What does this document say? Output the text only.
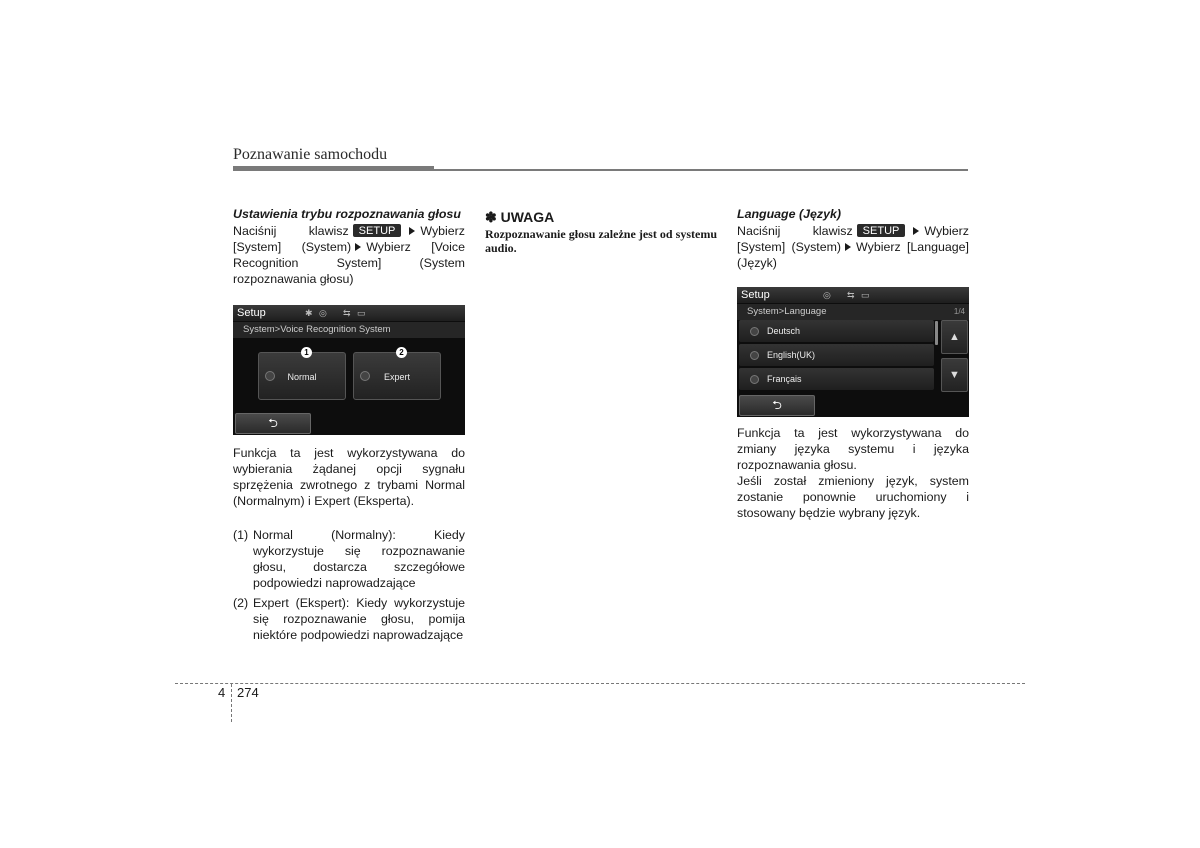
Poznawanie samochodu
Ustawienia trybu rozpoznawania głosu
Naciśnij klawisz SETUP Wybierz
[System] (System) Wybierz [Voice
Recognition System] (System
rozpoznawania głosu)
Setup	✱ ◎ ⇆ ▭
System>Voice Recognition System
1
Normal
2
Expert
⮌
Funkcja ta jest wykorzystywana do wybierania żądanej opcji sygnału sprzężenia zwrotnego z trybami Normal (Normalnym) i Expert (Eksperta).
(1) Normal (Normalny): Kiedy wykorzystuje się rozpoznawanie głosu, dostarcza szczegółowe podpowiedzi naprowadzające
(2) Expert (Ekspert): Kiedy wykorzystuje się rozpoznawanie głosu, pomija niektóre podpowiedzi naprowadzające
✽ UWAGA
Rozpoznawanie głosu zależne jest od systemu audio.
Language (Język)
Naciśnij klawisz SETUP Wybierz
[System] (System) Wybierz [Language]
(Język)
Setup	◎ ⇆ ▭
System>Language	1/4
Deutsch
English(UK)
Français
▲
▼
⮌
Funkcja ta jest wykorzystywana do zmiany języka systemu i języka rozpoznawania głosu.
Jeśli został zmieniony język, system zostanie ponownie uruchomiony i stosowany będzie wybrany język.
4 274
